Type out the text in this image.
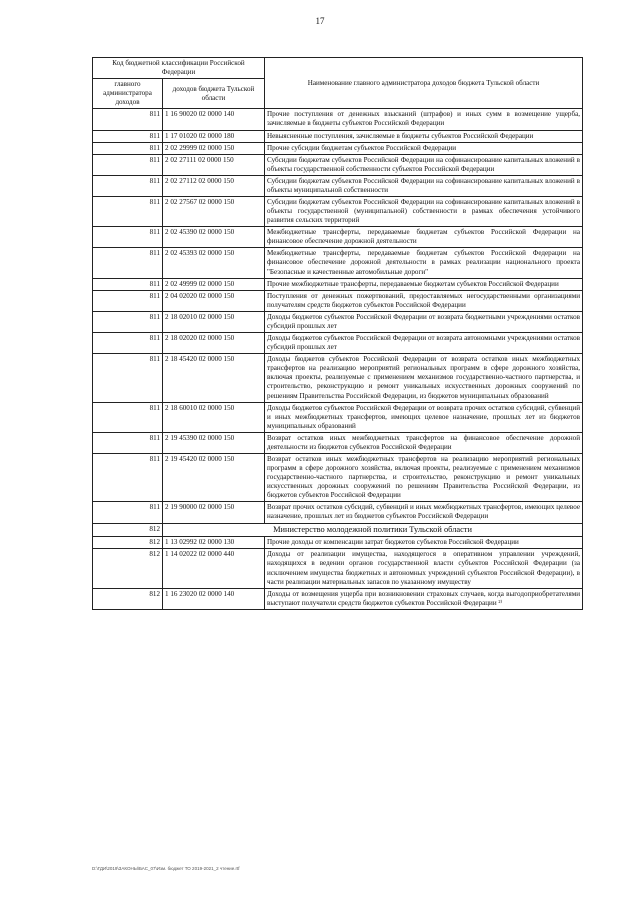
17
Код бюджетной классификации Российской Федерации		Наименование главного администратора доходов бюджета Тульской области
главного администратора доходов	доходов бюджета Тульской области	
811	1 16 90020 02 0000 140	Прочие поступления от денежных взысканий (штрафов) и иных сумм в возмещение ущерба, зачисляемые в бюджеты субъектов Российской Федерации
811	1 17 01020 02 0000 180	Невыясненные поступления, зачисляемые в бюджеты субъектов Российской Федерации
811	2 02 29999 02 0000 150	Прочие субсидии бюджетам субъектов Российской Федерации
811	2 02 27111 02 0000 150	Субсидии бюджетам субъектов Российской Федерации на софинансирование капитальных вложений в объекты государственной собственности субъектов Российской Федерации
811	2 02 27112 02 0000 150	Субсидии бюджетам субъектов Российской Федерации на софинансирование капитальных вложений в объекты муниципальной собственности
811	2 02 27567 02 0000 150	Субсидии бюджетам субъектов Российской Федерации на софинансирование капитальных вложений в объекты государственной (муниципальной) собственности в рамках обеспечения устойчивого развития сельских территорий
811	2 02 45390 02 0000 150	Межбюджетные трансферты, передаваемые бюджетам субъектов Российской Федерации на финансовое обеспечение дорожной деятельности
811	2 02 45393 02 0000 150	Межбюджетные трансферты, передаваемые бюджетам субъектов Российской Федерации на финансовое обеспечение дорожной деятельности в рамках реализации национального проекта "Безопасные и качественные автомобильные дороги"
811	2 02 49999 02 0000 150	Прочие межбюджетные трансферты, передаваемые бюджетам субъектов Российской Федерации
811	2 04 02020 02 0000 150	Поступления от денежных пожертвований, предоставляемых негосударственными организациями получателям средств бюджетов субъектов Российской Федерации
811	2 18 02010 02 0000 150	Доходы бюджетов субъектов Российской Федерации от возврата бюджетными учреждениями остатков субсидий прошлых лет
811	2 18 02020 02 0000 150	Доходы бюджетов субъектов Российской Федерации от возврата автономными учреждениями остатков субсидий прошлых лет
811	2 18 45420 02 0000 150	Доходы бюджетов субъектов Российской Федерации от возврата остатков иных межбюджетных трансфертов на реализацию мероприятий региональных программ в сфере дорожного хозяйства, включая проекты, реализуемые с применением механизмов государственно-частного партнерства, и строительство, реконструкцию и ремонт уникальных искусственных дорожных сооружений по решениям Правительства Российской Федерации, из бюджетов муниципальных образований
811	2 18 60010 02 0000 150	Доходы бюджетов субъектов Российской Федерации от возврата прочих остатков субсидий, субвенций и иных межбюджетных трансфертов, имеющих целевое назначение, прошлых лет из бюджетов муниципальных образований
811	2 19 45390 02 0000 150	Возврат остатков иных межбюджетных трансфертов на финансовое обеспечение дорожной деятельности из бюджетов субъектов Российской Федерации
811	2 19 45420 02 0000 150	Возврат остатков иных межбюджетных трансфертов на реализацию мероприятий региональных программ в сфере дорожного хозяйства, включая проекты, реализуемые с применением механизмов государственно-частного партнерства, и строительство, реконструкцию и ремонт уникальных искусственных дорожных сооружений по решениям Правительства Российской Федерации, из бюджетов субъектов Российской Федерации
811	2 19 90000 02 0000 150	Возврат прочих остатков субсидий, субвенций и иных межбюджетных трансфертов, имеющих целевое назначение, прошлых лет из бюджетов субъектов Российской Федерации
812	Министерство молодежной политики Тульской области	
812	1 13 02992 02 0000 130	Прочие доходы от компенсации затрат бюджетов субъектов Российской Федерации
812	1 14 02022 02 0000 440	Доходы от реализации имущества, находящегося в оперативном управлении учреждений, находящихся в ведении органов государственной власти субъектов Российской Федерации (за исключением имущества бюджетных и автономных учреждений субъектов Российской Федерации), в части реализации материальных запасов по указанному имуществу
812	1 16 23020 02 0000 140	Доходы от возмещения ущерба при возникновении страховых случаев, когда выгодоприобретателями выступают получатели средств бюджетов субъектов Российской Федерации ²⁾
D:\ГДИ\2019\ЗАКОНЫ\БАС_07\Изм. бюджет ТО 2019-2021_2 чтение.rtf
